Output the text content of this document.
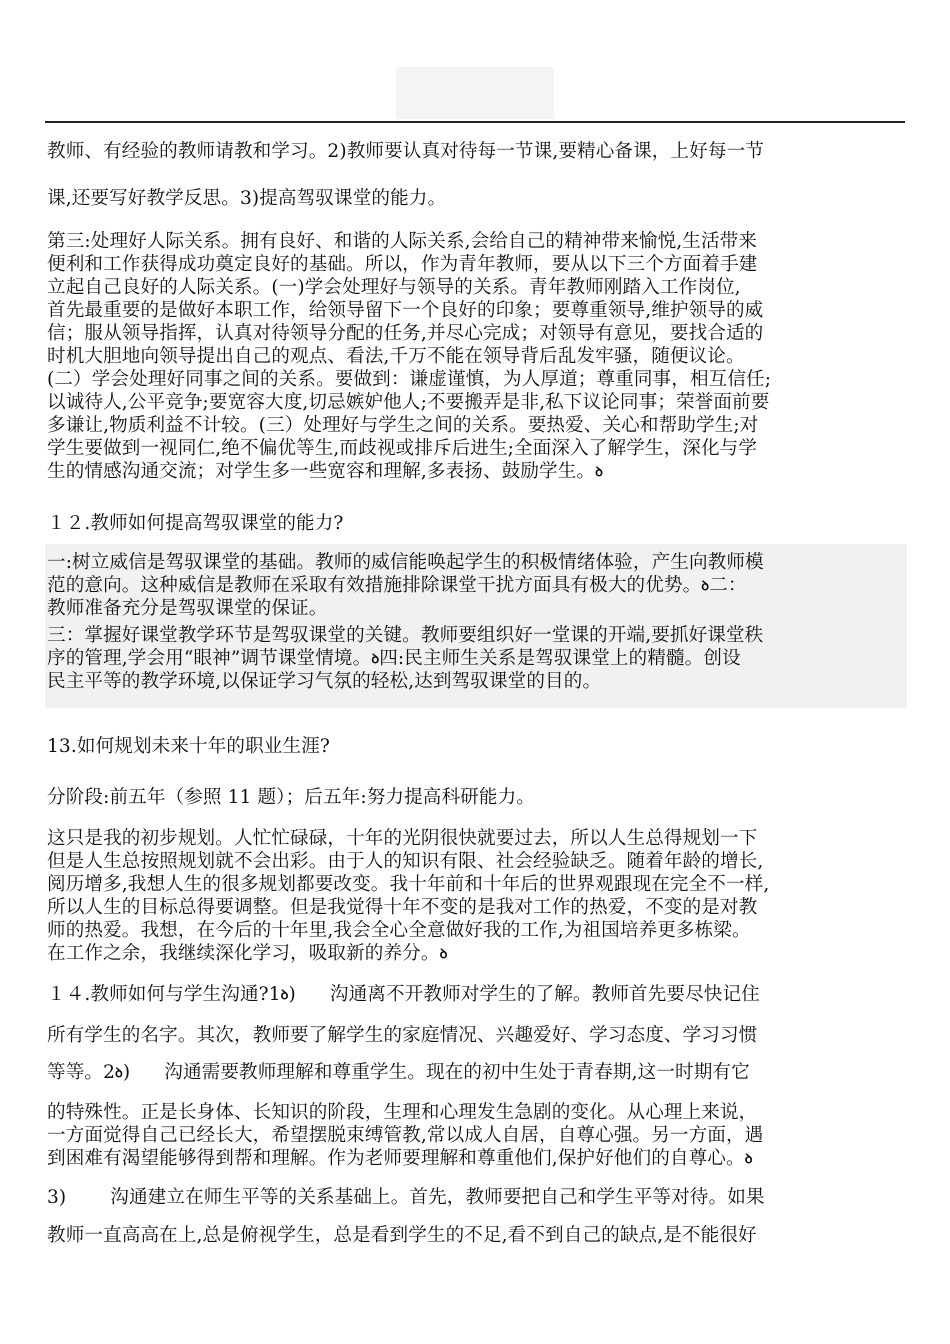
教师、有经验的教师请教和学习。2)教师要认真对待每一节课,要精心备课，上好每一节
课,还要写好教学反思。3)提高驾驭课堂的能力。
第三:处理好人际关系。拥有良好、和谐的人际关系,会给自己的精神带来愉悦,生活带来
便利和工作获得成功奠定良好的基础。所以，作为青年教师，要从以下三个方面着手建
立起自己良好的人际关系。(一)学会处理好与领导的关系。青年教师刚踏入工作岗位,
首先最重要的是做好本职工作，给领导留下一个良好的印象；要尊重领导,维护领导的威
信；服从领导指挥，认真对待领导分配的任务,并尽心完成；对领导有意见，要找合适的
时机大胆地向领导提出自己的观点、看法,千万不能在领导背后乱发牢骚，随便议论。
(二）学会处理好同事之间的关系。要做到：谦虚谨慎，为人厚道；尊重同事，相互信任;
以诚待人,公平竞争;要宽容大度,切忌嫉妒他人;不要搬弄是非,私下议论同事；荣誉面前要
多谦让,物质利益不计较。(三）处理好与学生之间的关系。要热爱、关心和帮助学生;对
学生要做到一视同仁,绝不偏优等生,而歧视或排斥后进生;全面深入了解学生，深化与学
生的情感沟通交流；对学生多一些宽容和理解,多表扬、鼓励学生。ꝺ
１２.教师如何提高驾驭课堂的能力?
一:树立威信是驾驭课堂的基础。教师的威信能唤起学生的积极情绪体验，产生向教师模
范的意向。这种威信是教师在采取有效措施排除课堂干扰方面具有极大的优势。ꝺ二：
教师准备充分是驾驭课堂的保证。
三：掌握好课堂教学环节是驾驭课堂的关键。教师要组织好一堂课的开端,要抓好课堂秩
序的管理,学会用“眼神”调节课堂情境。ꝺ四:民主师生关系是驾驭课堂上的精髓。创设
民主平等的教学环境,以保证学习气氛的轻松,达到驾驭课堂的目的。
13.如何规划未来十年的职业生涯?
分阶段:前五年（参照 11 题）；后五年:努力提高科研能力。
这只是我的初步规划。人忙忙碌碌，十年的光阴很快就要过去，所以人生总得规划一下
但是人生总按照规划就不会出彩。由于人的知识有限、社会经验缺乏。随着年龄的增长,
阅历增多,我想人生的很多规划都要改变。我十年前和十年后的世界观跟现在完全不一样,
所以人生的目标总得要调整。但是我觉得十年不变的是我对工作的热爱，不变的是对教
师的热爱。我想，在今后的十年里,我会全心全意做好我的工作,为祖国培养更多栋梁。
在工作之余，我继续深化学习，吸取新的养分。ꝺ
１４.教师如何与学生沟通?1ꝺ) 沟通离不开教师对学生的了解。教师首先要尽快记住
所有学生的名字。其次，教师要了解学生的家庭情况、兴趣爱好、学习态度、学习习惯
等等。2ꝺ) 沟通需要教师理解和尊重学生。现在的初中生处于青春期,这一时期有它
的特殊性。正是长身体、长知识的阶段，生理和心理发生急剧的变化。从心理上来说，
一方面觉得自己已经长大，希望摆脱束缚管教,常以成人自居，自尊心强。另一方面，遇
到困难有渴望能够得到帮和理解。作为老师要理解和尊重他们,保护好他们的自尊心。ꝺ
3) 沟通建立在师生平等的关系基础上。首先，教师要把自己和学生平等对待。如果
教师一直高高在上,总是俯视学生，总是看到学生的不足,看不到自己的缺点,是不能很好
